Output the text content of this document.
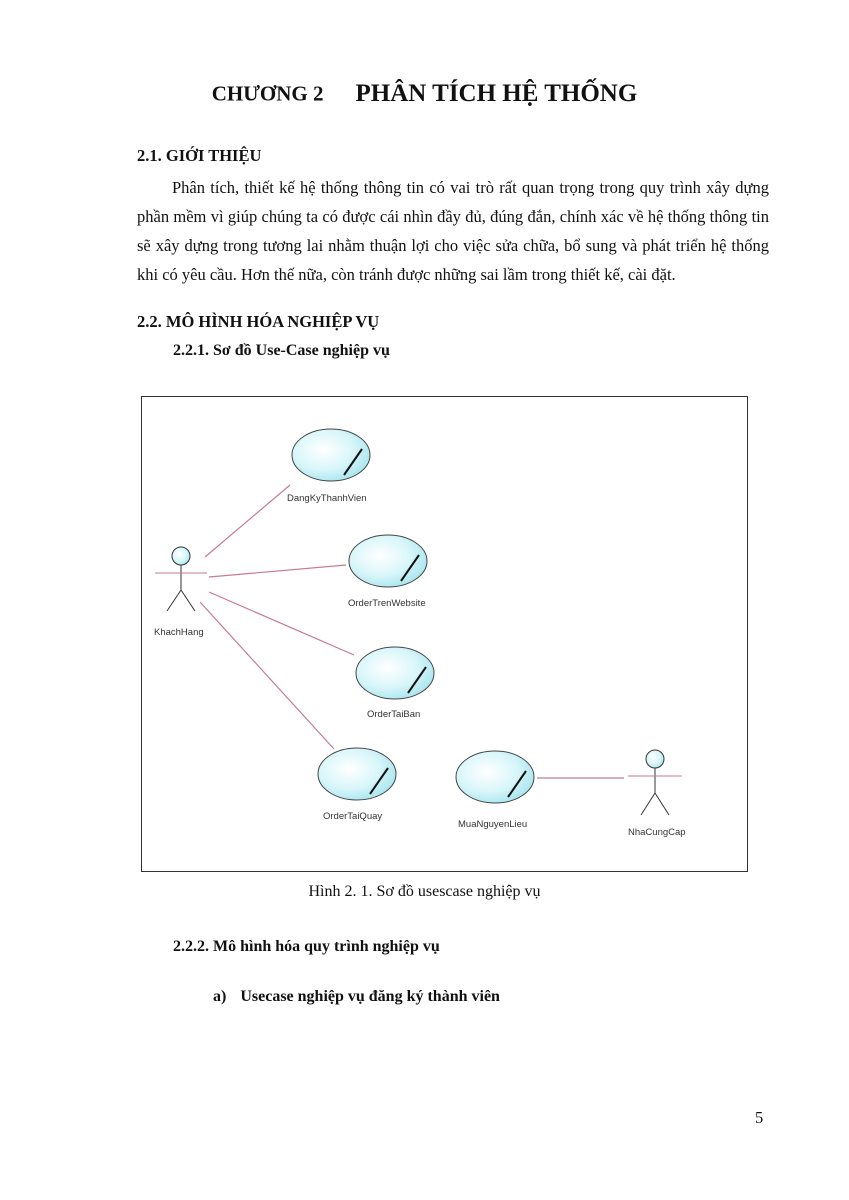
CHƯƠNG 2 PHÂN TÍCH HỆ THỐNG
2.1. GIỚI THIỆU

Phân tích, thiết kế hệ thống thông tin có vai trò rất quan trọng trong quy trình xây dựng phần mềm vì giúp chúng ta có được cái nhìn đầy đủ, đúng đắn, chính xác về hệ thống thông tin sẽ xây dựng trong tương lai nhằm thuận lợi cho việc sửa chữa, bổ sung và phát triển hệ thống khi có yêu cầu. Hơn thế nữa, còn tránh được những sai lầm trong thiết kế, cài đặt.

2.2. MÔ HÌNH HÓA NGHIỆP VỤ
2.2.1. Sơ đồ Use-Case nghiệp vụ
KhachHang
NhaCungCap
DangKyThanhVien
OrderTrenWebsite
OrderTaiBan
OrderTaiQuay
MuaNguyenLieu
Hình 2. 1. Sơ đồ usescase nghiệp vụ
2.2.2. Mô hình hóa quy trình nghiệp vụ
a) Usecase nghiệp vụ đăng ký thành viên
5
